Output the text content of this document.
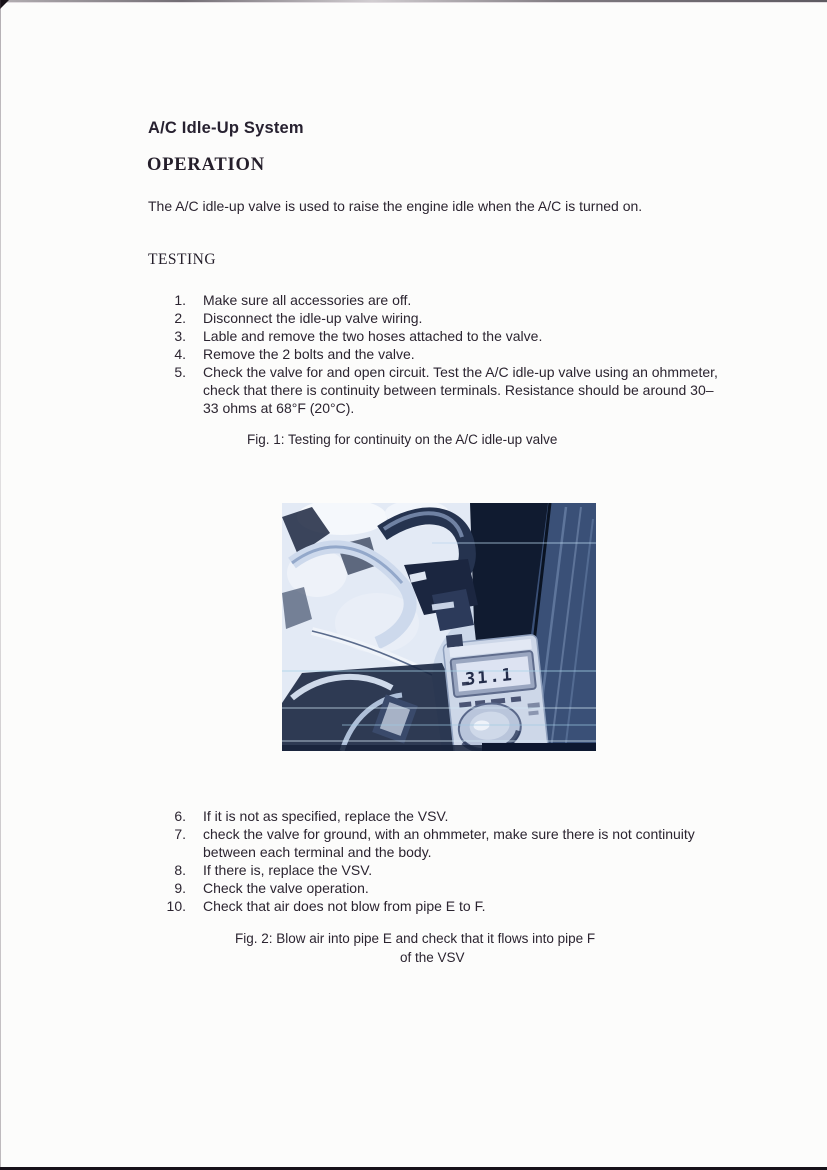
A/C Idle-Up System
OPERATION

The A/C idle-up valve is used to raise the engine idle when the A/C is turned on.

TESTING
1. Make sure all accessories are off.
2. Disconnect the idle-up valve wiring.
3. Lable and remove the two hoses attached to the valve.
4. Remove the 2 bolts and the valve.
5. Check the valve for and open circuit. Test the A/C idle-up valve using an ohmmeter, check that there is continuity between terminals. Resistance should be around 30–33 ohms at 68°F (20°C).

Fig. 1: Testing for continuity on the A/C idle-up valve

31.1
6. If it is not as specified, replace the VSV.
7. check the valve for ground, with an ohmmeter, make sure there is not continuity between each terminal and the body.
8. If there is, replace the VSV.
9. Check the valve operation.
10. Check that air does not blow from pipe E to F.

Fig. 2: Blow air into pipe E and check that it flows into pipe F

of the VSV
